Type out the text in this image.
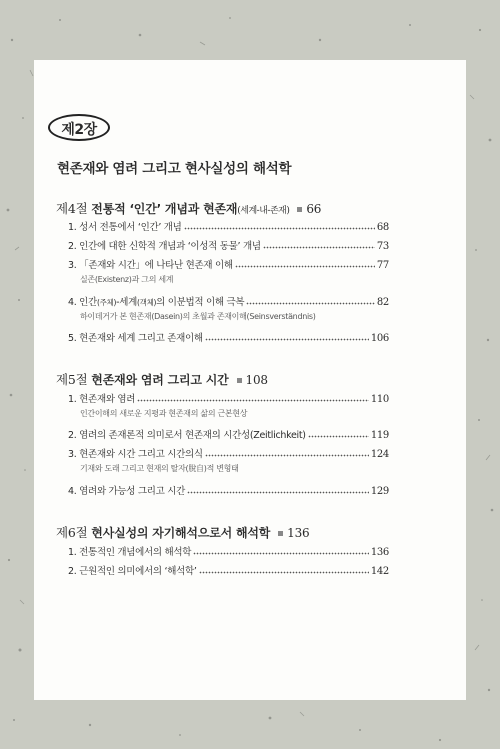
제2장
현존재와 염려 그리고 현사실성의 해석학
제4절 전통적 ‘인간’ 개념과 현존재(세계-내-존재) 66
1. 성서 전통에서 ‘인간’ 개념	68
2. 인간에 대한 신학적 개념과 ‘이성적 동물’ 개념	73
3. 「존재와 시간」에 나타난 현존재 이해	77
실존(Existenz)과 그의 세계
4. 인간(주체)-세계(객체)의 이분법적 이해 극복	82
하이데거가 본 현존재(Dasein)의 초월과 존재이해(Seinsverständnis)
5. 현존재와 세계 그리고 존재이해	106
제5절 현존재와 염려 그리고 시간 108
1. 현존재와 염려	110
인간이해의 새로운 지평과 현존재의 삶의 근본현상
2. 염려의 존재론적 의미로서 현존재의 시간성(Zeitlichkeit)	119
3. 현존재와 시간 그리고 시간의식	124
기재와 도래 그리고 현재의 탈자(脫自)적 변형태
4. 염려와 가능성 그리고 시간	129
제6절 현사실성의 자기해석으로서 해석학 136
1. 전통적인 개념에서의 해석학	136
2. 근원적인 의미에서의 ‘해석학’	142
